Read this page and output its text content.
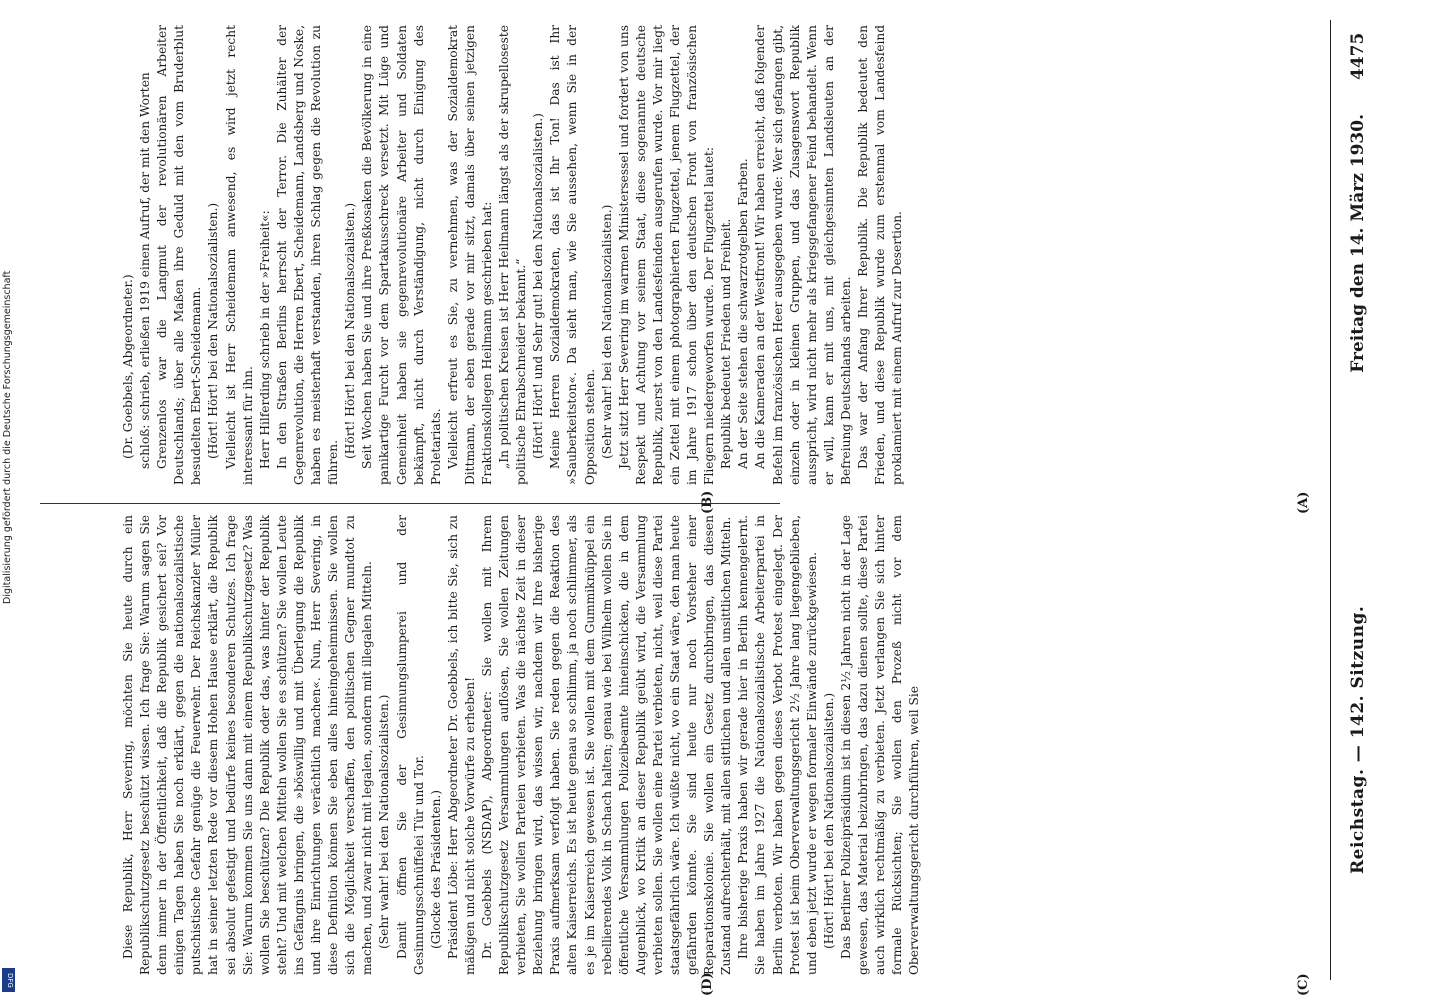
Reichstag. — 142. Sitzung.
Freitag den 14. März 1930.
4475
(A)
(B)
(C)
(D)

(Dr. Goebbels, Abgeordneter.) schloß: schrieb, erließen 1919 einen Aufruf, der mit den Worten Grenzenlos war die Langmut der revolutionären Arbeiter Deutschlands; über alle Maßen ihre Geduld mit den vom Bruderblut besudelten Ebert-Scheidemann. (Hört! Hört! bei den Nationalsozialisten.) Vielleicht ist Herr Scheidemann anwesend, es wird jetzt recht interessant für ihn. Herr Hilferding schrieb in der »Freiheit«: In den Straßen Berlins herrscht der Terror. Die Zuhälter der Gegenrevolution, die Herren Ebert, Scheidemann, Landsberg und Noske, haben es meisterhaft verstanden, ihren Schlag gegen die Revolution zu führen.

(Hört! Hört! bei den Nationalsozialisten.) Seit Wochen haben Sie und ihre Preßkosaken die Bevölkerung in eine panikartige Furcht vor dem Spartakusschreck versetzt. Mit Lüge und Gemeinheit haben sie gegenrevolutionäre Arbeiter und Soldaten bekämpft, nicht durch Verständigung, nicht durch Einigung des Proletariats. Vielleicht erfreut es Sie, zu vernehmen, was der Sozialdemokrat Dittmann, der eben gerade vor mir sitzt, damals über seinen jetzigen Fraktionskollegen Heilmann geschrieben hat: „In politischen Kreisen ist Herr Heilmann längst als der skrupelloseste politische Ehrabschneider bekannt.“ (Hört! Hört! und Sehr gut! bei den Nationalsozialisten.) Meine Herren Sozialdemokraten, das ist Ihr Ton! Das ist Ihr »Sauberkeitston«. Da sieht man, wie Sie aussehen, wenn Sie in der Opposition stehen. (Sehr wahr! bei den Nationalsozialisten.) Jetzt sitzt Herr Severing im warmen Ministersessel und fordert von uns Respekt und Achtung vor seinem Staat, diese sogenannte deutsche Republik, zuerst von den Landesfeinden ausgerufen wurde. Vor mir liegt ein Zettel mit einem photographierten Flugzettel, jenem Flugzettel, der im Jahre 1917 schon über den deutschen Front von französischen Fliegern niedergeworfen wurde. Der Flugzettel lautet: Republik bedeutet Frieden und Freiheit. An der Seite stehen die schwarzrotgelben Farben. An die Kameraden an der Westfront! Wir haben erreicht, daß folgender Befehl im französischen Heer ausgegeben wurde: Wer sich gefangen gibt, einzeln oder in kleinen Gruppen, und das Zusagenswort Republik ausspricht, wird nicht mehr als kriegsgefangener Feind behandelt. Wenn er will, kann er mit uns, mit gleichgesinnten Landsleuten an der Befreiung Deutschlands arbeiten. Das war der Anfang Ihrer Republik. Die Republik bedeutet den Frieden, und diese Republik wurde zum erstenmal vom Landesfeind proklamiert mit einem Aufruf zur Desertion.

Diese Republik, Herr Severing, möchten Sie heute durch ein Republikschutzgesetz beschützt wissen. Ich frage Sie: Warum sagen Sie denn immer in der Öffentlichkeit, daß die Republik gesichert sei? Vor einigen Tagen haben Sie noch erklärt, gegen die nationalsozialistische putschistische Gefahr genüge die Feuerwehr. Der Reichskanzler Müller hat in seiner letzten Rede vor diesem Hohen Hause erklärt, die Republik sei absolut gefestigt und bedürfe keines besonderen Schutzes. Ich frage Sie: Warum kommen Sie uns dann mit einem Republikschutzgesetz? Was wollen Sie beschützen? Die Republik oder das, was hinter der Republik steht? Und mit welchen Mitteln wollen Sie es schützen? Sie wollen Leute ins Gefängnis bringen, die »böswillig und mit Überlegung die Republik und ihre Einrichtungen verächtlich machen«. Nun, Herr Severing, in diese Definition können Sie eben alles hineingeheimnissen. Sie wollen sich die Möglichkeit verschaffen, den politischen Gegner mundtot zu machen, und zwar nicht mit legalen, sondern mit illegalen Mitteln. (Sehr wahr! bei den Nationalsozialisten.) Damit öffnen Sie der Gesinnungslumperei und der Gesinnungsschnüffelei Tür und Tor. (Glocke des Präsidenten.) Präsident Löbe: Herr Abgeordneter Dr. Goebbels, ich bitte Sie, sich zu mäßigen und nicht solche Vorwürfe zu erheben! Dr. Goebbels (NSDAP), Abgeordneter: Sie wollen mit Ihrem Republikschutzgesetz Versammlungen auflösen, Sie wollen Zeitungen verbieten, Sie wollen Parteien verbieten. Was die nächste Zeit in dieser Beziehung bringen wird, das wissen wir, nachdem wir Ihre bisherige Praxis aufmerksam verfolgt haben. Sie reden gegen die Reaktion des alten Kaiserreichs. Es ist heute genau so schlimm, ja noch schlimmer, als es je im Kaiserreich gewesen ist. Sie wollen mit dem Gummiknüppel ein rebellierendes Volk in Schach halten; genau wie bei Wilhelm wollen Sie in öffentliche Versammlungen Polizeibeamte hineinschicken, die in dem Augenblick, wo Kritik an dieser Republik geübt wird, die Versammlung verbieten sollen. Sie wollen eine Partei verbieten, nicht, weil diese Partei staatsgefährlich wäre. Ich wüßte nicht, wo ein Staat wäre, den man heute gefährden könnte. Sie sind heute nur noch Vorsteher einer Reparationskolonie. Sie wollen ein Gesetz durchbringen, das diesen Zustand aufrechterhält, mit allen sittlichen und allen unsittlichen Mitteln. Ihre bisherige Praxis haben wir gerade hier in Berlin kennengelernt. Sie haben im Jahre 1927 die Nationalsozialistische Arbeiterpartei in Berlin verboten. Wir haben gegen dieses Verbot Protest eingelegt. Der Protest ist beim Oberverwaltungsgericht 2½ Jahre lang liegengeblieben, und eben jetzt wurde er wegen formaler Einwände zurückgewiesen. (Hört! Hört! bei den Nationalsozialisten.) Das Berliner Polizeipräsidium ist in diesen 2½ Jahren nicht in der Lage gewesen, das Material beizubringen, das dazu dienen sollte, diese Partei auch wirklich rechtmäßig zu verbieten. Jetzt verlangen Sie sich hinter formale Rücksichten; Sie wollen den Prozeß nicht vor dem Oberverwaltungsgericht durchführen, weil Sie

Digitalisierung gefördert durch die Deutsche Forschungsgemeinschaft
DFG
